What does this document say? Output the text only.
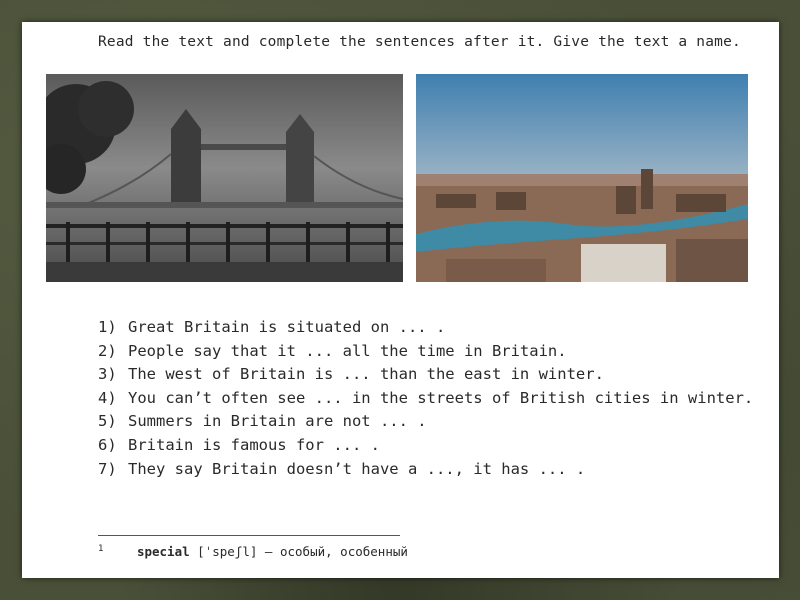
Read the text and complete the sentences after it. Give the text a name.
1) Great Britain is situated on ... .
2) People say that it ... all the time in Britain.
3) The west of Britain is ... than the east in winter.
4) You can’t often see ... in the streets of British cities in winter.
5) Summers in Britain are not ... .
6) Britain is famous for ... .
7) They say Britain doesn’t have a ..., it has ... .
$^1$	special [ˈspeʃl] — особый, особенный
